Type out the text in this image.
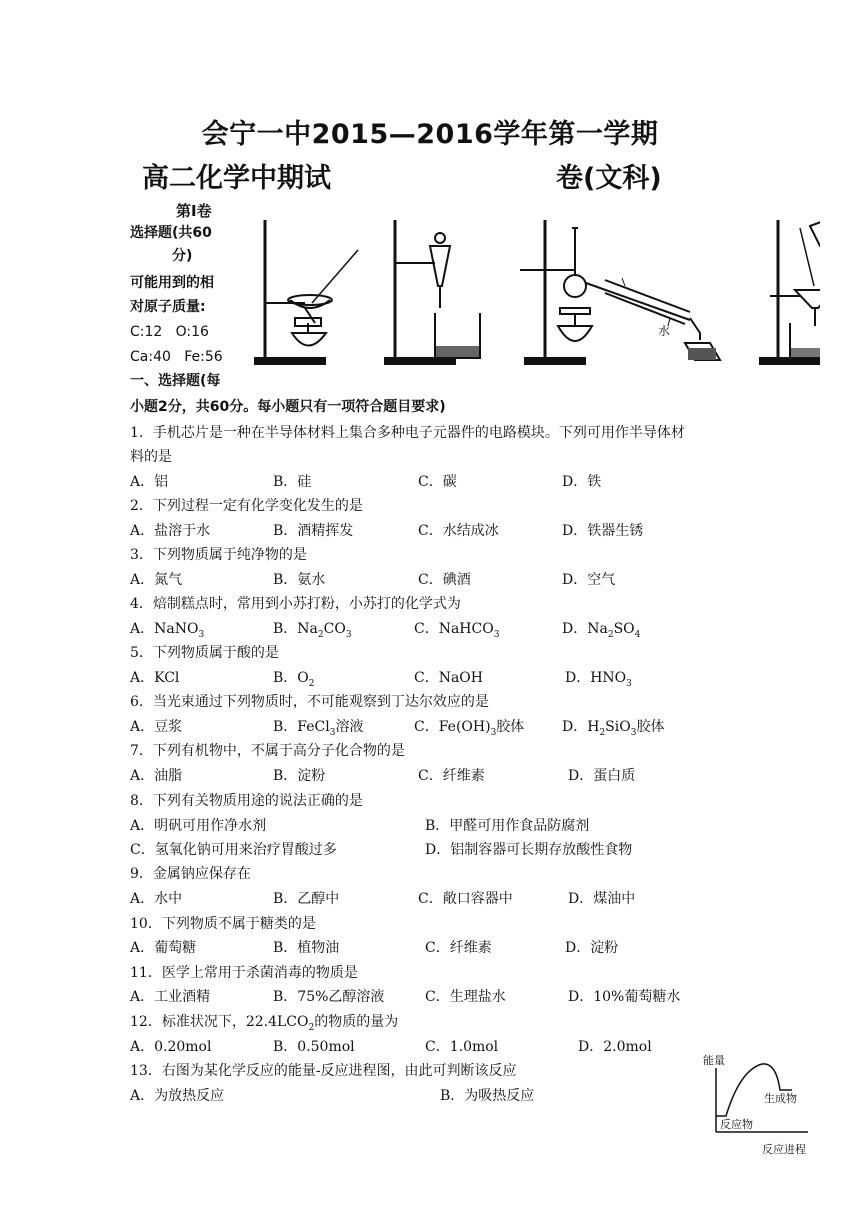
会宁一中2015—2016学年第一学期
高二化学中期试	卷(文科)
第I卷
选择题(共60
分)
可能用到的相
对原子质量:
C:12   O:16
Ca:40   Fe:56
一、选择题(每
小题2分，共60分。每小题只有一项符合题目要求)
水
1．手机芯片是一种在半导体材料上集合多种电子元器件的电路模块。下列可用作半导体材
料的是
A．铝	B．硅	C．碳	D．铁
2．下列过程一定有化学变化发生的是
A．盐溶于水	B．酒精挥发	C．水结成冰	D．铁器生锈
3．下列物质属于纯净物的是
A．氮气	B．氨水	C．碘酒	D．空气
4．焙制糕点时，常用到小苏打粉，小苏打的化学式为
A．NaNO$_3$	B．$Na_2CO_3$	C．NaHCO$_3$	D．$Na_2SO_4$
5．下列物质属于酸的是
A．KCl	B．$O_2$	C．NaOH	D．$HNO_3$
6．当光束通过下列物质时，不可能观察到丁达尔效应的是
A．豆浆	B．FeCl$_3$溶液	C．$Fe(OH)_3$胶体	D．$H_2SiO_3$胶体
7．下列有机物中，不属于高分子化合物的是
A．油脂	B．淀粉	C．纤维素	D．蛋白质
8．下列有关物质用途的说法正确的是
A．明矾可用作净水剂	B．甲醛可用作食品防腐剂
C．氢氧化钠可用来治疗胃酸过多	D．铝制容器可长期存放酸性食物
9．金属钠应保存在
A．水中	B．乙醇中	C．敞口容器中	D．煤油中
10．下列物质不属于糖类的是
A．葡萄糖	B．植物油	C．纤维素	D．淀粉
11．医学上常用于杀菌消毒的物质是
A．工业酒精	B．75%乙醇溶液	C．生理盐水	D．10%葡萄糖水
12．标准状况下，$22.4LCO_2$的物质的量为
A．0.20mol	B．0.50mol	C．1.0mol	D．2.0mol
13．右图为某化学反应的能量-反应进程图，由此可判断该反应
A．为放热反应	B．为吸热反应
能量
生成物
反应物
反应进程
